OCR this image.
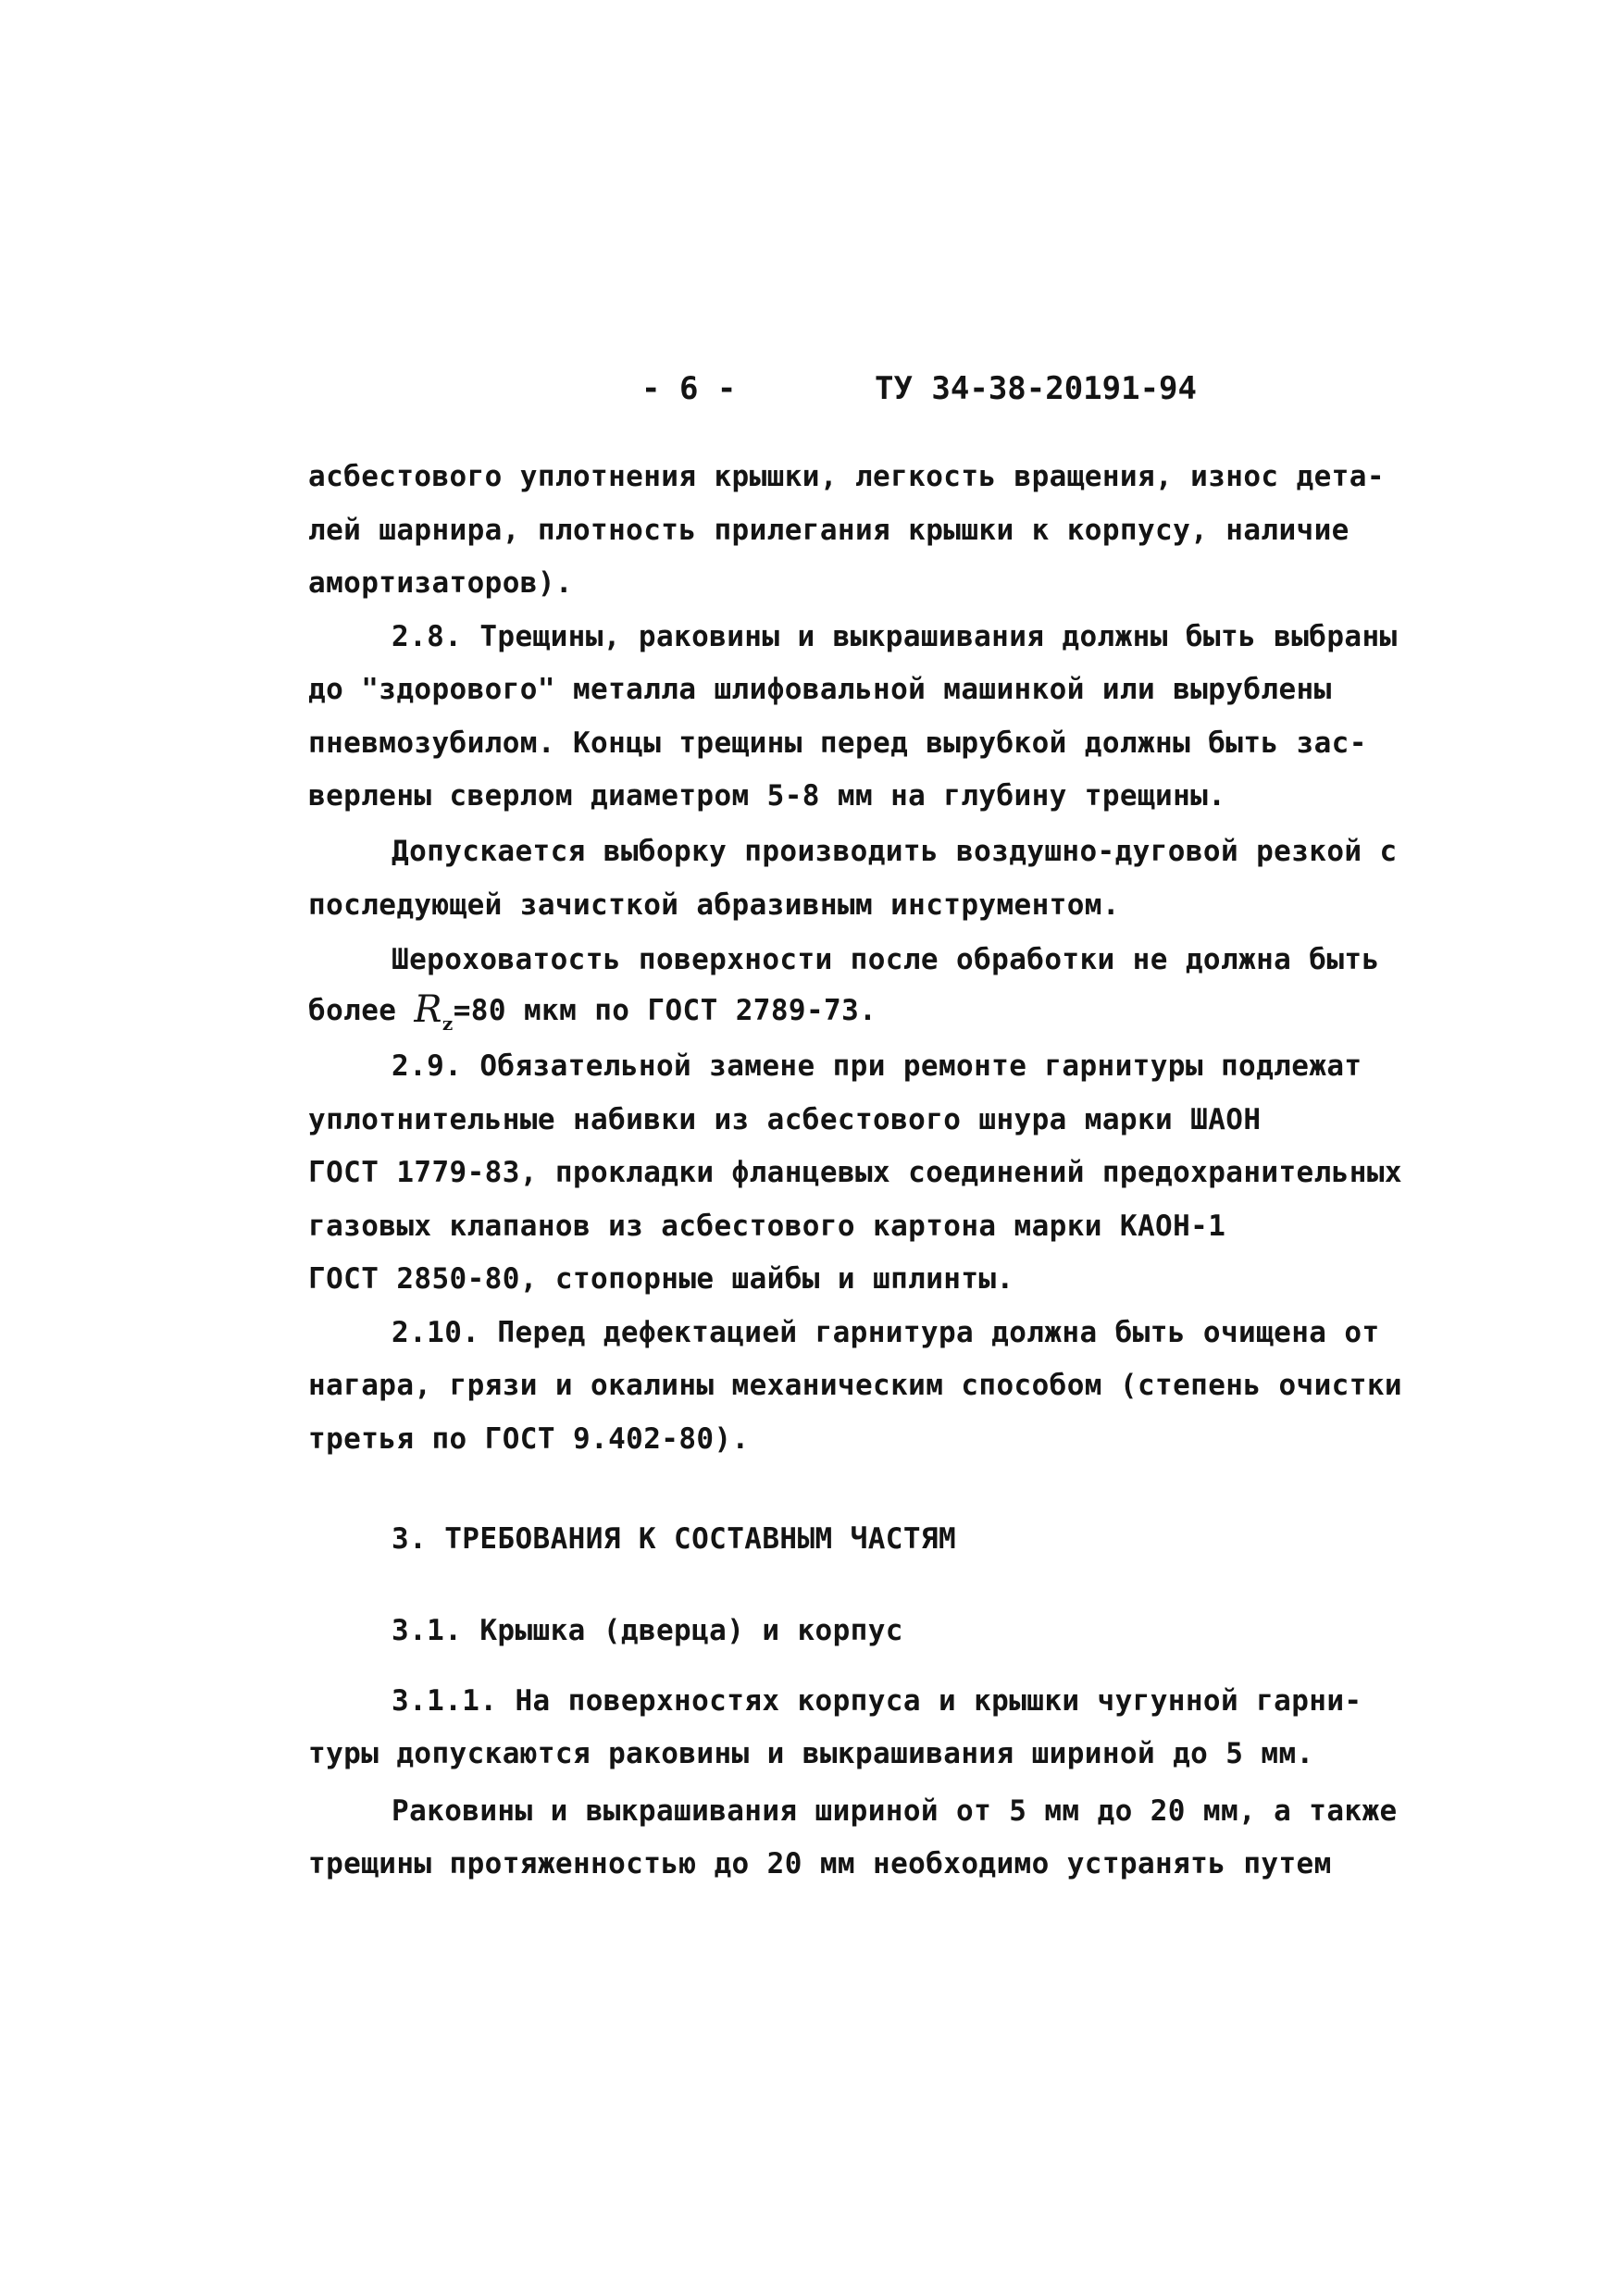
- 6 -	ТУ 34-38-20191-94
асбестового уплотнения крышки, легкость вращения, износ дета-
лей шарнира, плотность прилегания крышки к корпусу, наличие
амортизаторов).
2.8. Трещины, раковины и выкрашивания должны быть выбраны
до "здорового" металла шлифовальной машинкой или вырублены
пневмозубилом. Концы трещины перед вырубкой должны быть зас-
верлены сверлом диаметром 5-8 мм на глубину трещины.
Допускается выборку производить воздушно-дуговой резкой с
последующей зачисткой абразивным инструментом.
Шероховатость поверхности после обработки не должна быть
более $R_z=80$ мкм по ГОСТ 2789-73.
2.9. Обязательной замене при ремонте гарнитуры подлежат
уплотнительные набивки из асбестового шнура марки ШАОН
ГОСТ 1779-83, прокладки фланцевых соединений предохранительных
газовых клапанов из асбестового картона марки КАОН-1
ГОСТ 2850-80, стопорные шайбы и шплинты.
2.10. Перед дефектацией гарнитура должна быть очищена от
нагара, грязи и окалины механическим способом (степень очистки
третья по ГОСТ 9.402-80).
3. ТРЕБОВАНИЯ К СОСТАВНЫМ ЧАСТЯМ
3.1. Крышка (дверца) и корпус
3.1.1. На поверхностях корпуса и крышки чугунной гарни-
туры допускаются раковины и выкрашивания шириной до 5 мм.
Раковины и выкрашивания шириной от 5 мм до 20 мм, а также
трещины протяженностью до 20 мм необходимо устранять путем
